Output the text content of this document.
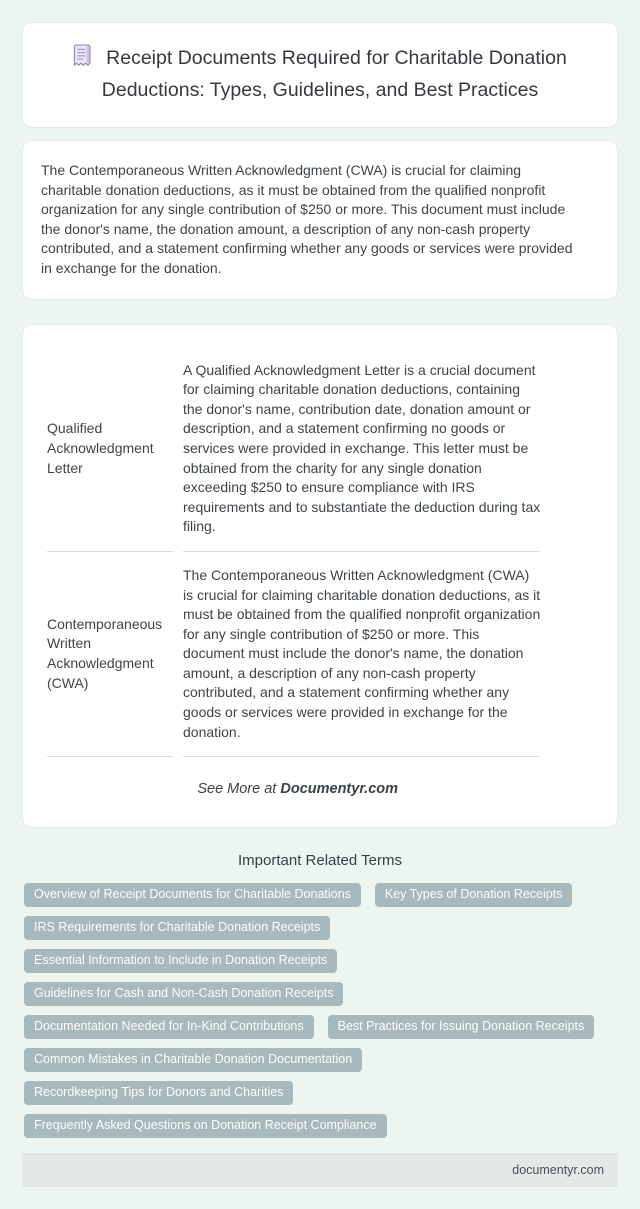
Receipt Documents Required for Charitable Donation Deductions: Types, Guidelines, and Best Practices

The Contemporaneous Written Acknowledgment (CWA) is crucial for claiming charitable donation deductions, as it must be obtained from the qualified nonprofit organization for any single contribution of $250 or more. This document must include the donor's name, the donation amount, a description of any non-cash property contributed, and a statement confirming whether any goods or services were provided in exchange for the donation.

Qualified Acknowledgment Letter	A Qualified Acknowledgment Letter is a crucial document for claiming charitable donation deductions, containing the donor's name, contribution date, donation amount or description, and a statement confirming no goods or services were provided in exchange. This letter must be obtained from the charity for any single donation exceeding $250 to ensure compliance with IRS requirements and to substantiate the deduction during tax filing.
Contemporaneous Written Acknowledgment (CWA)	The Contemporaneous Written Acknowledgment (CWA) is crucial for claiming charitable donation deductions, as it must be obtained from the qualified nonprofit organization for any single contribution of $250 or more. This document must include the donor's name, the donation amount, a description of any non-cash property contributed, and a statement confirming whether any goods or services were provided in exchange for the donation.
See More at Documentyr.com
Important Related Terms
Overview of Receipt Documents for Charitable Donations	Key Types of Donation Receipts
IRS Requirements for Charitable Donation Receipts
Essential Information to Include in Donation Receipts
Guidelines for Cash and Non-Cash Donation Receipts
Documentation Needed for In-Kind Contributions	Best Practices for Issuing Donation Receipts
Common Mistakes in Charitable Donation Documentation
Recordkeeping Tips for Donors and Charities
Frequently Asked Questions on Donation Receipt Compliance
documentyr.com
